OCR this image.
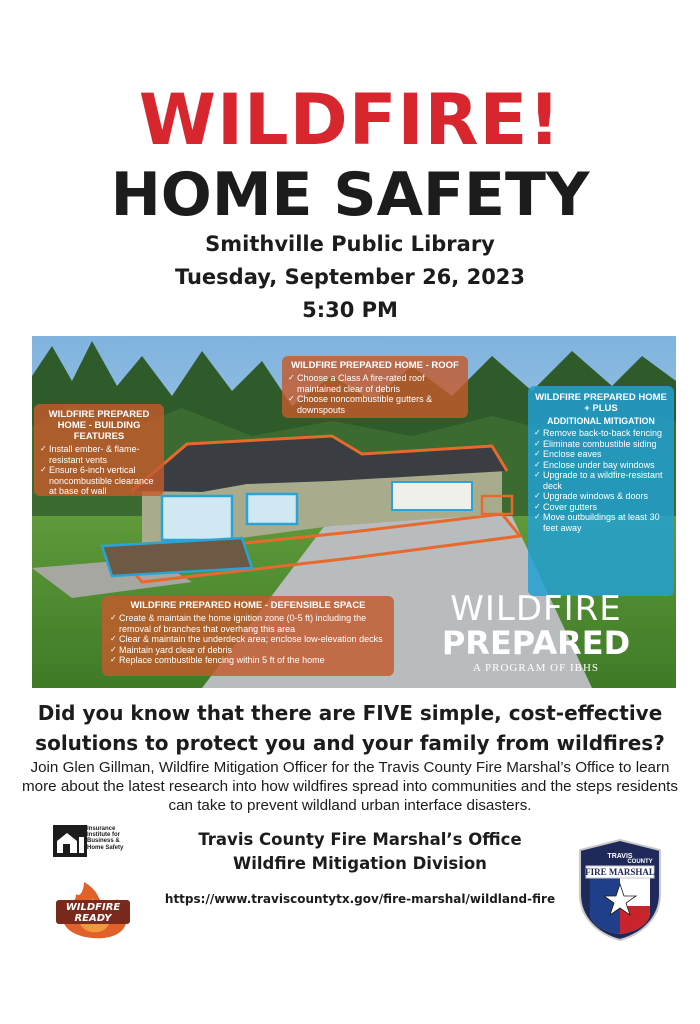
WILDFIRE!
HOME SAFETY
Smithville Public Library
Tuesday, September 26, 2023
5:30 PM
WILDFIRE PREPARED HOME - BUILDING FEATURES
✓ Install ember- & flame-resistant vents
✓ Ensure 6-inch vertical noncombustible clearance at base of wall
WILDFIRE PREPARED HOME - ROOF
✓ Choose a Class A fire-rated roof maintained clear of debris
✓ Choose noncombustible gutters & downspouts
WILDFIRE PREPARED HOME + PLUS
ADDITIONAL MITIGATION
✓ Remove back-to-back fencing
✓ Eliminate combustible siding
✓ Enclose eaves
✓ Enclose under bay windows
✓ Upgrade to a wildfire-resistant deck
✓ Upgrade windows & doors
✓ Cover gutters
✓ Move outbuildings at least 30 feet away
WILDFIRE PREPARED HOME - DEFENSIBLE SPACE
✓ Create & maintain the home ignition zone (0-5 ft) including the removal of branches that overhang this area
✓ Clear & maintain the underdeck area; enclose low-elevation decks
✓ Maintain yard clear of debris
✓ Replace combustible fencing within 5 ft of the home
WILDFIRE
PREPARED
A PROGRAM OF IBHS
Did you know that there are FIVE simple, cost-effective solutions to protect you and your family from wildfires?
Join Glen Gillman, Wildfire Mitigation Officer for the Travis County Fire Marshal’s Office to learn more about the latest research into how wildfires spread into communities and the steps residents can take to prevent wildland urban interface disasters.
Insurance Institute for Business & Home Safety
WILDFIRE
READY
Travis County Fire Marshal’s Office
Wildfire Mitigation Division
https://www.traviscountytx.gov/fire-marshal/wildland-fire
TRAVIS
COUNTY
FIRE MARSHAL
